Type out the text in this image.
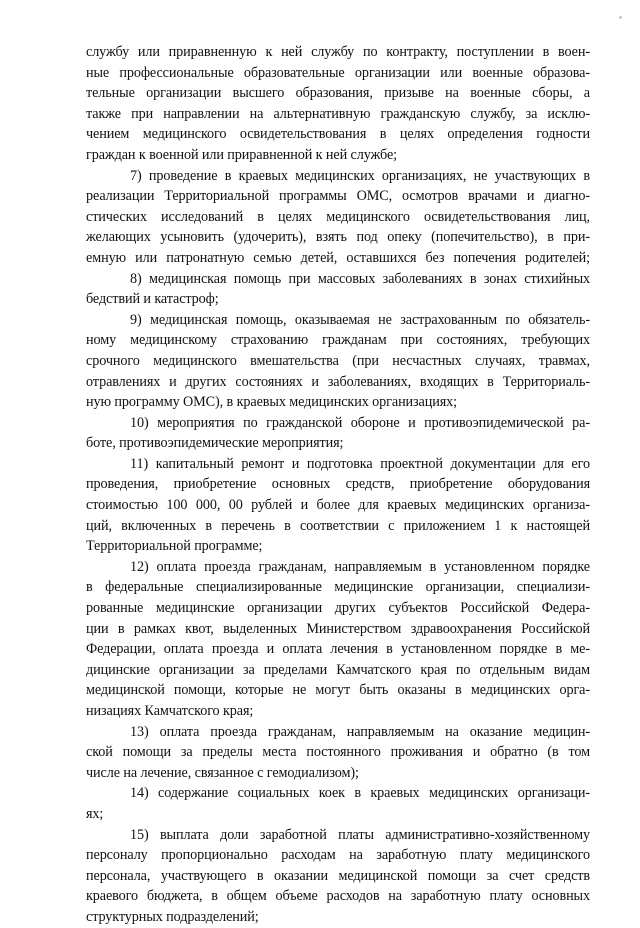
службу или приравненную к ней службу по контракту, поступлении в воен-
ные профессиональные образовательные организации или военные образова-
тельные организации высшего образования, призыве на военные сборы, а
также при направлении на альтернативную гражданскую службу, за исклю-
чением медицинского освидетельствования в целях определения годности
граждан к военной или приравненной к ней службе;
7) проведение в краевых медицинских организациях, не участвующих в
реализации Территориальной программы ОМС, осмотров врачами и диагно-
стических исследований в целях медицинского освидетельствования лиц,
желающих усыновить (удочерить), взять под опеку (попечительство), в при-
емную или патронатную семью детей, оставшихся без попечения родителей;
8) медицинская помощь при массовых заболеваниях в зонах стихийных
бедствий и катастроф;
9) медицинская помощь, оказываемая не застрахованным по обязатель-
ному медицинскому страхованию гражданам при состояниях, требующих
срочного медицинского вмешательства (при несчастных случаях, травмах,
отравлениях и других состояниях и заболеваниях, входящих в Территориаль-
ную программу ОМС), в краевых медицинских организациях;
10) мероприятия по гражданской обороне и противоэпидемической ра-
боте, противоэпидемические мероприятия;
11) капитальный ремонт и подготовка проектной документации для его
проведения, приобретение основных средств, приобретение оборудования
стоимостью 100 000, 00 рублей и более для краевых медицинских организа-
ций, включенных в перечень в соответствии с приложением 1 к настоящей
Территориальной программе;
12) оплата проезда гражданам, направляемым в установленном порядке
в федеральные специализированные медицинские организации, специализи-
рованные медицинские организации других субъектов Российской Федера-
ции в рамках квот, выделенных Министерством здравоохранения Российской
Федерации, оплата проезда и оплата лечения в установленном порядке в ме-
дицинские организации за пределами Камчатского края по отдельным видам
медицинской помощи, которые не могут быть оказаны в медицинских орга-
низациях Камчатского края;
13) оплата проезда гражданам, направляемым на оказание медицин-
ской помощи за пределы места постоянного проживания и обратно (в том
числе на лечение, связанное с гемодиализом);
14) содержание социальных коек в краевых медицинских организаци-
ях;
15) выплата доли заработной платы административно-хозяйственному
персоналу пропорционально расходам на заработную плату медицинского
персонала, участвующего в оказании медицинской помощи за счет средств
краевого бюджета, в общем объеме расходов на заработную плату основных
структурных подразделений;
